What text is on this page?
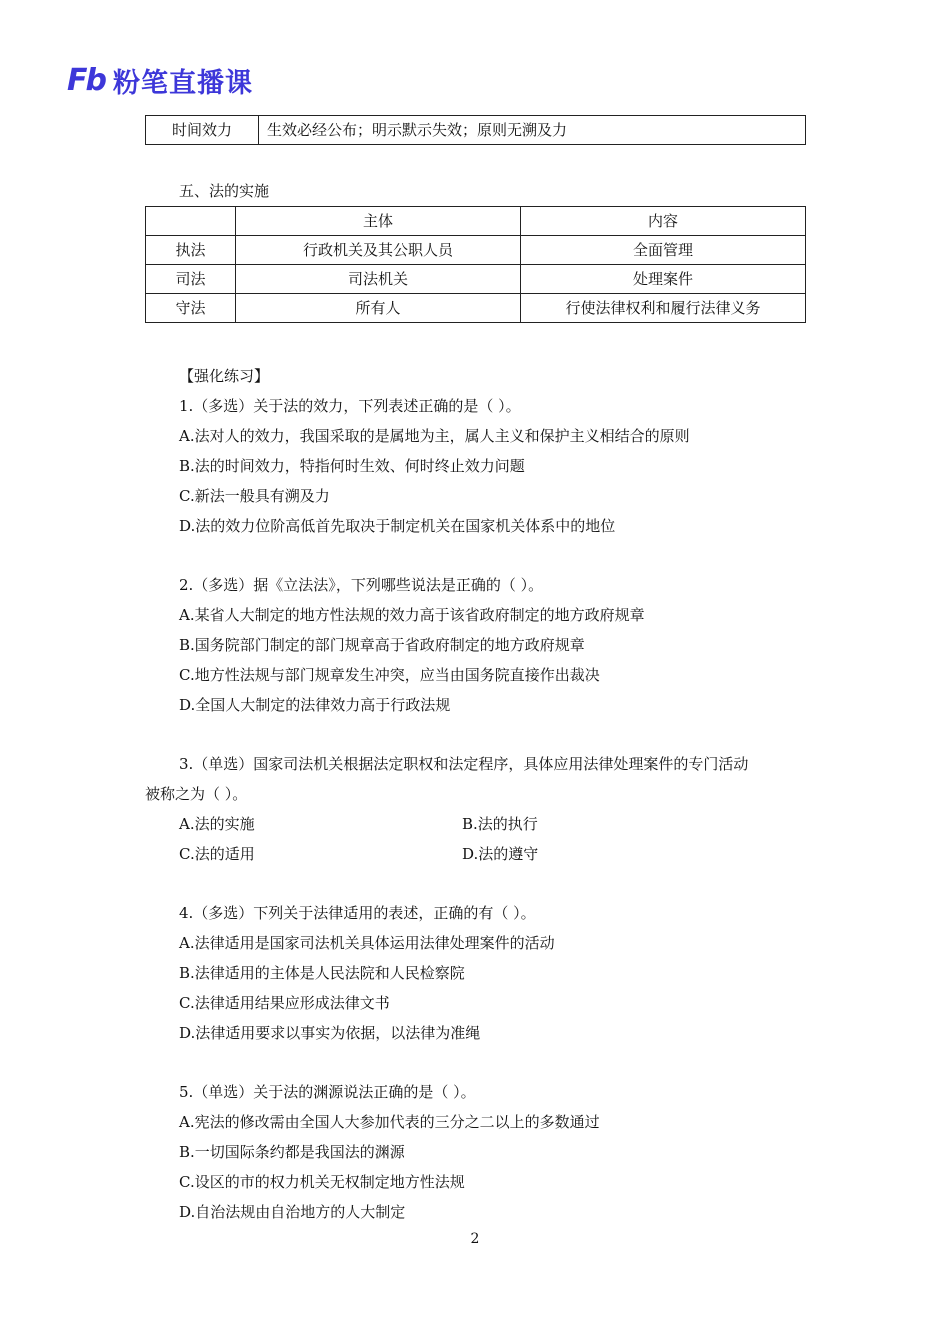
Fb 粉笔直播课
时间效力	生效必经公布；明示默示失效；原则无溯及力
五、法的实施
	主体	内容
执法	行政机关及其公职人员	全面管理
司法	司法机关	处理案件
守法	所有人	行使法律权利和履行法律义务
【强化练习】
1.（多选）关于法的效力，下列表述正确的是（ ）。
A.法对人的效力，我国采取的是属地为主，属人主义和保护主义相结合的原则
B.法的时间效力，特指何时生效、何时终止效力问题
C.新法一般具有溯及力
D.法的效力位阶高低首先取决于制定机关在国家机关体系中的地位
2.（多选）据《立法法》，下列哪些说法是正确的（ ）。
A.某省人大制定的地方性法规的效力高于该省政府制定的地方政府规章
B.国务院部门制定的部门规章高于省政府制定的地方政府规章
C.地方性法规与部门规章发生冲突，应当由国务院直接作出裁决
D.全国人大制定的法律效力高于行政法规
3.（单选）国家司法机关根据法定职权和法定程序，具体应用法律处理案件的专门活动
被称之为（ ）。
A.法的实施	B.法的执行
C.法的适用	D.法的遵守
4.（多选）下列关于法律适用的表述，正确的有（ ）。
A.法律适用是国家司法机关具体运用法律处理案件的活动
B.法律适用的主体是人民法院和人民检察院
C.法律适用结果应形成法律文书
D.法律适用要求以事实为依据，以法律为准绳
5.（单选）关于法的渊源说法正确的是（ ）。
A.宪法的修改需由全国人大参加代表的三分之二以上的多数通过
B.一切国际条约都是我国法的渊源
C.设区的市的权力机关无权制定地方性法规
D.自治法规由自治地方的人大制定
2
